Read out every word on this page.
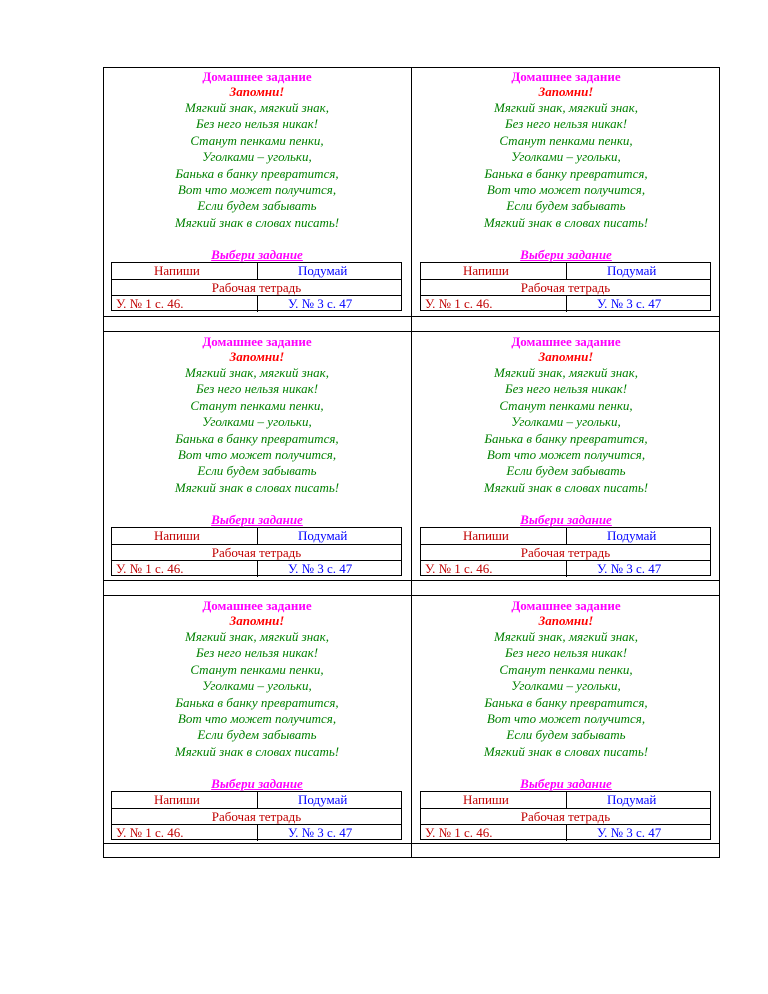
Домашнее задание
Запомни!
Мягкий знак, мягкий знак,
Без него нельзя никак!
Станут пенками пенки,
Уголками – угольки,
Банька в банку превратится,
Вот что может получится,
Если будем забывать
Мягкий знак в словах писать!
Выбери задание
Напиши	Подумай
Рабочая тетрадь
У. № 1 с. 46.	У. № 3 с. 47
Домашнее задание
Запомни!
Мягкий знак, мягкий знак,
Без него нельзя никак!
Станут пенками пенки,
Уголками – угольки,
Банька в банку превратится,
Вот что может получится,
Если будем забывать
Мягкий знак в словах писать!
Выбери задание
Напиши	Подумай
Рабочая тетрадь
У. № 1 с. 46.	У. № 3 с. 47
Домашнее задание
Запомни!
Мягкий знак, мягкий знак,
Без него нельзя никак!
Станут пенками пенки,
Уголками – угольки,
Банька в банку превратится,
Вот что может получится,
Если будем забывать
Мягкий знак в словах писать!
Выбери задание
Напиши	Подумай
Рабочая тетрадь
У. № 1 с. 46.	У. № 3 с. 47
Домашнее задание
Запомни!
Мягкий знак, мягкий знак,
Без него нельзя никак!
Станут пенками пенки,
Уголками – угольки,
Банька в банку превратится,
Вот что может получится,
Если будем забывать
Мягкий знак в словах писать!
Выбери задание
Напиши	Подумай
Рабочая тетрадь
У. № 1 с. 46.	У. № 3 с. 47
Домашнее задание
Запомни!
Мягкий знак, мягкий знак,
Без него нельзя никак!
Станут пенками пенки,
Уголками – угольки,
Банька в банку превратится,
Вот что может получится,
Если будем забывать
Мягкий знак в словах писать!
Выбери задание
Напиши	Подумай
Рабочая тетрадь
У. № 1 с. 46.	У. № 3 с. 47
Домашнее задание
Запомни!
Мягкий знак, мягкий знак,
Без него нельзя никак!
Станут пенками пенки,
Уголками – угольки,
Банька в банку превратится,
Вот что может получится,
Если будем забывать
Мягкий знак в словах писать!
Выбери задание
Напиши	Подумай
Рабочая тетрадь
У. № 1 с. 46.	У. № 3 с. 47
